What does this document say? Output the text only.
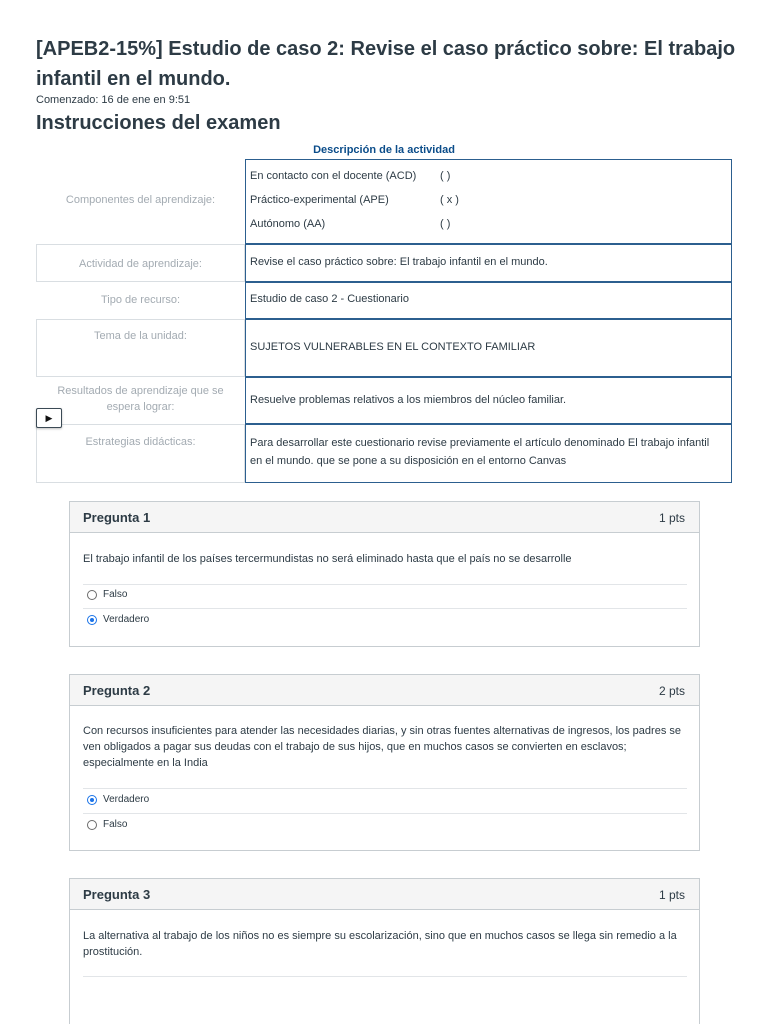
[APEB2-15%] Estudio de caso 2: Revise el caso práctico sobre: El trabajo infantil en el mundo.
Comenzado: 16 de ene en 9:51
Instrucciones del examen
Descripción de la actividad
Componentes del aprendizaje:
En contacto con el docente (ACD) ( )
Práctico-experimental (APE)	( x )
Autónomo (AA)	( )
Actividad de aprendizaje:	Revise el caso práctico sobre: El trabajo infantil en el mundo.
Tipo de recurso:	Estudio de caso 2 - Cuestionario
Tema de la unidad:
SUJETOS VULNERABLES EN EL CONTEXTO FAMILIAR
Resultados de aprendizaje que se espera lograr:
Resuelve problemas relativos a los miembros del núcleo familiar.
Estrategias didácticas:	Para desarrollar este cuestionario revise previamente el artículo denominado El trabajo infantil
en el mundo. que se pone a su disposición en el entorno Canvas
▶
Pregunta 1	1 pts
El trabajo infantil de los países tercermundistas no será eliminado hasta que el país no se desarrolle
Falso
Verdadero
Pregunta 2	2 pts
Con recursos insuficientes para atender las necesidades diarias, y sin otras fuentes alternativas de ingresos, los padres se ven obligados a pagar sus deudas con el trabajo de sus hijos, que en muchos casos se convierten en esclavos; especialmente en la India
Verdadero
Falso
Pregunta 3	1 pts
La alternativa al trabajo de los niños no es siempre su escolarización, sino que en muchos casos se llega sin remedio a la prostitución.
